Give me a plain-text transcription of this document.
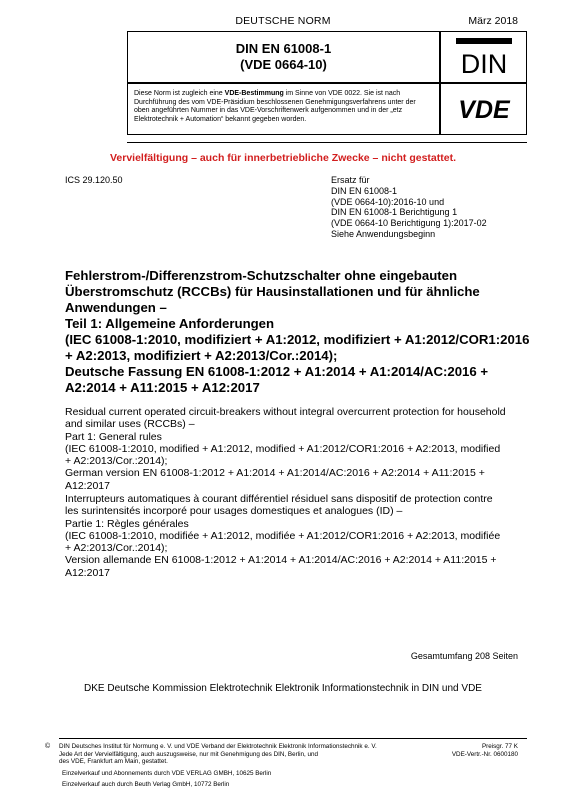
DEUTSCHE NORM	März 2018
DIN EN 61008-1
(VDE 0664-10)	DIN
Diese Norm ist zugleich eine VDE-Bestimmung im Sinne von VDE 0022. Sie ist nach Durchführung des vom VDE-Präsidium beschlossenen Genehmigungsverfahrens unter der oben angeführten Nummer in das VDE-Vorschriftenwerk aufgenommen und in der „etz Elektrotechnik + Automation“ bekannt gegeben worden.	VDE
Vervielfältigung – auch für innerbetriebliche Zwecke – nicht gestattet.
ICS 29.120.50	Ersatz für
DIN EN 61008-1
(VDE 0664-10):2016-10 und
DIN EN 61008-1 Berichtigung 1
(VDE 0664-10 Berichtigung 1):2017-02
Siehe Anwendungsbeginn
Fehlerstrom-/Differenzstrom-Schutzschalter ohne eingebauten
Überstromschutz (RCCBs) für Hausinstallationen und für ähnliche
Anwendungen –
Teil 1: Allgemeine Anforderungen
(IEC 61008-1:2010, modifiziert + A1:2012, modifiziert + A1:2012/COR1:2016
+ A2:2013, modifiziert + A2:2013/Cor.:2014);
Deutsche Fassung EN 61008-1:2012 + A1:2014 + A1:2014/AC:2016 +
A2:2014 + A11:2015 + A12:2017
Residual current operated circuit-breakers without integral overcurrent protection for household
and similar uses (RCCBs) –
Part 1: General rules
(IEC 61008-1:2010, modified + A1:2012, modified + A1:2012/COR1:2016 + A2:2013, modified
+ A2:2013/Cor.:2014);
German version EN 61008-1:2012 + A1:2014 + A1:2014/AC:2016 + A2:2014 + A11:2015 +
A12:2017
Interrupteurs automatiques à courant différentiel résiduel sans dispositif de protection contre
les surintensités incorporé pour usages domestiques et analogues (ID) –
Partie 1: Règles générales
(IEC 61008-1:2010, modifiée + A1:2012, modifiée + A1:2012/COR1:2016 + A2:2013, modifiée
+ A2:2013/Cor.:2014);
Version allemande EN 61008-1:2012 + A1:2014 + A1:2014/AC:2016 + A2:2014 + A11:2015 +
A12:2017
Gesamtumfang 208 Seiten
DKE Deutsche Kommission Elektrotechnik Elektronik Informationstechnik in DIN und VDE
© DIN Deutsches Institut für Normung e. V. und VDE Verband der Elektrotechnik Elektronik Informationstechnik e. V.
Jede Art der Vervielfältigung, auch auszugsweise, nur mit Genehmigung des DIN, Berlin, und
des VDE, Frankfurt am Main, gestattet.
Preisgr. 77 K
VDE-Vertr.-Nr. 0600180
Einzelverkauf und Abonnements durch VDE VERLAG GMBH, 10625 Berlin
Einzelverkauf auch durch Beuth Verlag GmbH, 10772 Berlin
